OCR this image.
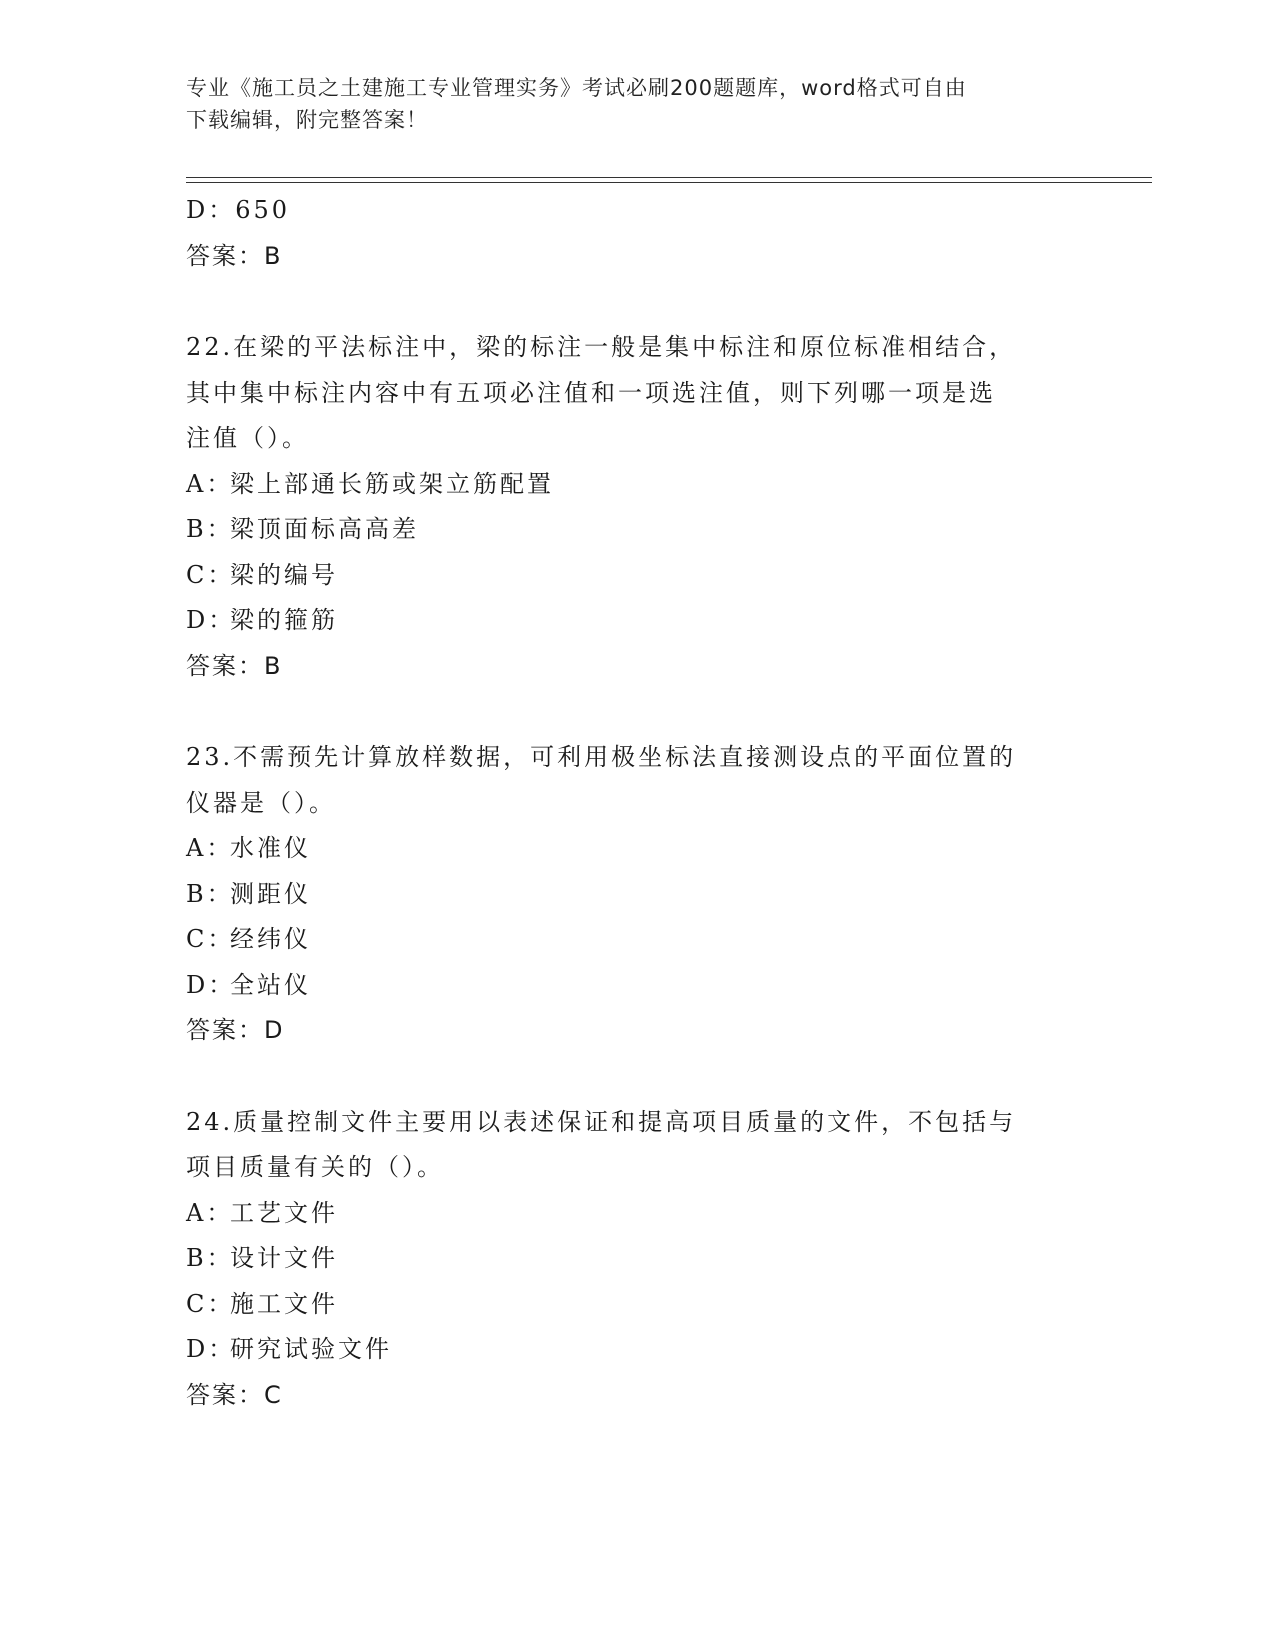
专业《施工员之土建施工专业管理实务》考试必刷200题题库，word格式可自由
下载编辑，附完整答案！
D：650
答案：B
22.在梁的平法标注中，梁的标注一般是集中标注和原位标准相结合，
其中集中标注内容中有五项必注值和一项选注值，则下列哪一项是选
注值（）。
A：梁上部通长筋或架立筋配置
B：梁顶面标高高差
C：梁的编号
D：梁的箍筋
答案：B
23.不需预先计算放样数据，可利用极坐标法直接测设点的平面位置的
仪器是（）。
A：水准仪
B：测距仪
C：经纬仪
D：全站仪
答案：D
24.质量控制文件主要用以表述保证和提高项目质量的文件，不包括与
项目质量有关的（）。
A：工艺文件
B：设计文件
C：施工文件
D：研究试验文件
答案：C
